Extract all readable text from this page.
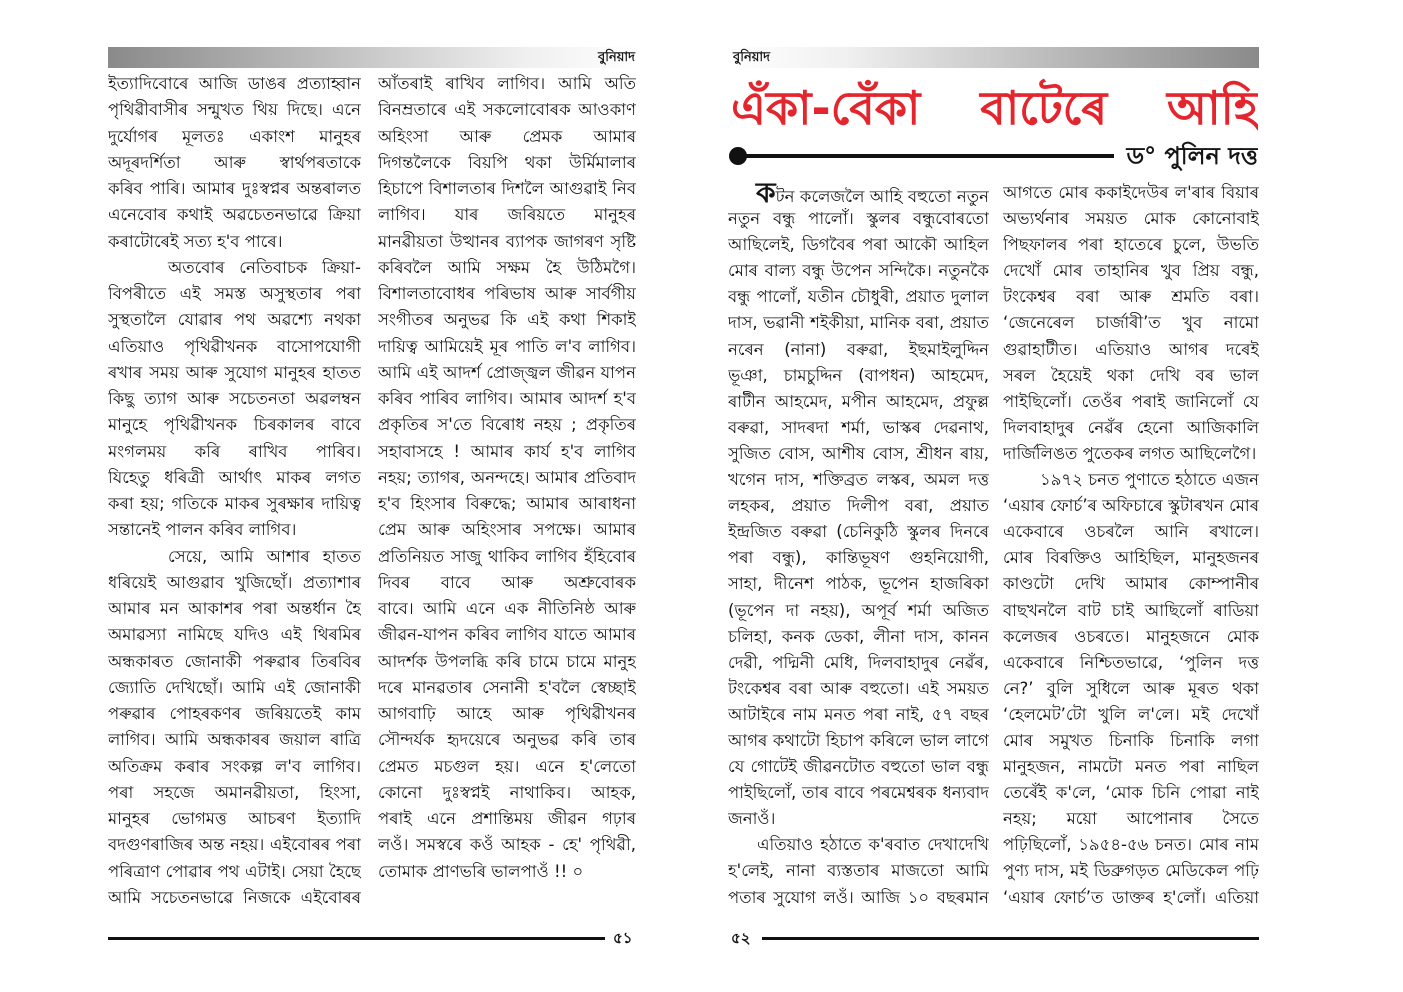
বুনিয়াদ
ইত্যাদিবোৰে আজি ডাঙৰ প্ৰত্যাহ্বান
পৃথিৱীবাসীৰ সন্মুখত থিয় দিছে। এনে
দুৰ্যোগৰ মূলতঃ একাংশ মানুহৰ
অদূৰদৰ্শিতা আৰু স্বাৰ্থপৰতাকে
কৰিব পাৰি। আমাৰ দুঃস্বপ্নৰ অন্তৰালত
এনেবোৰ কথাই অৱচেতনভাৱে ক্ৰিয়া
কৰাটোৰেই সত্য হ'ব পাৰে।
অতবোৰ নেতিবাচক ক্ৰিয়া-
বিপৰীতে এই সমস্ত অসুস্থতাৰ পৰা
সুস্থতালৈ যোৱাৰ পথ অৱশ্যে নথকা
এতিয়াও পৃথিৱীখনক বাসোপযোগী
ৰখাৰ সময় আৰু সুযোগ মানুহৰ হাতত
কিছু ত্যাগ আৰু সচেতনতা অৱলম্বন
মানুহে পৃথিৱীখনক চিৰকালৰ বাবে
মংগলময় কৰি ৰাখিব পাৰিব।
যিহেতু ধৰিত্ৰী আৰ্থাৎ মাকৰ লগত
কৰা হয়; গতিকে মাকৰ সুৰক্ষাৰ দায়িত্ব
সন্তানেই পালন কৰিব লাগিব।
সেয়ে, আমি আশাৰ হাতত
ধৰিয়েই আগুৱাব খুজিছোঁ। প্ৰত্যাশাৰ
আমাৰ মন আকাশৰ পৰা অন্তৰ্ধান হৈ
অমাৱস্যা নামিছে যদিও এই থিৰমিৰ
অন্ধকাৰত জোনাকী পৰুৱাৰ তিৰবিৰ
জ্যোতি দেখিছোঁ। আমি এই জোনাকী
পৰুৱাৰ পোহৰকণৰ জৰিয়তেই কাম
লাগিব। আমি অন্ধকাৰৰ জয়াল ৰাত্ৰি
অতিক্ৰম কৰাৰ সংকল্প ল'ব লাগিব।
পৰা সহজে অমানৱীয়তা, হিংসা,
মানুহৰ ভোগমত্ত আচৰণ ইত্যাদি
বদগুণৰাজিৰ অন্ত নহয়। এইবোৰৰ পৰা
পৰিত্ৰাণ পোৱাৰ পথ এটাই। সেয়া হৈছে
আমি সচেতনভাৱে নিজকে এইবোৰৰ
আঁতৰাই ৰাখিব লাগিব। আমি অতি
বিনম্ৰতাৰে এই সকলোবোৰক আওকাণ
অহিংসা আৰু প্ৰেমক আমাৰ
দিগন্তলৈকে বিয়পি থকা উৰ্মিমালাৰ
হিচাপে বিশালতাৰ দিশলৈ আগুৱাই নিব
লাগিব। যাৰ জৰিয়তে মানুহৰ
মানৱীয়তা উত্থানৰ ব্যাপক জাগৰণ সৃষ্টি
কৰিবলৈ আমি সক্ষম হৈ উঠিমগৈ।
বিশালতাবোধৰ পৰিভাষ আৰু সাৰ্বগীয়
সংগীতৰ অনুভৱ কি এই কথা শিকাই
দায়িত্ব আমিয়েই মূৰ পাতি ল'ব লাগিব।
আমি এই আদৰ্শ প্ৰোজ্জ্বল জীৱন যাপন
কৰিব পাৰিব লাগিব। আমাৰ আদৰ্শ হ'ব
প্ৰকৃতিৰ স'তে বিৰোধ নহয় ; প্ৰকৃতিৰ
সহাবাসহে ! আমাৰ কাৰ্য হ'ব লাগিব
নহয়; ত্যাগৰ, অনন্দহে। আমাৰ প্ৰতিবাদ
হ'ব হিংসাৰ বিৰুদ্ধে; আমাৰ আৰাধনা
প্ৰেম আৰু অহিংসাৰ সপক্ষে। আমাৰ
প্ৰতিনিয়ত সাজু থাকিব লাগিব হঁহিবোৰ
দিবৰ বাবে আৰু অশ্ৰুবোৰক
বাবে। আমি এনে এক নীতিনিষ্ঠ আৰু
জীৱন-যাপন কৰিব লাগিব যাতে আমাৰ
আদৰ্শক উপলব্ধি কৰি চামে চামে মানুহ
দৰে মানৱতাৰ সেনানী হ'বলৈ স্বেচ্ছাই
আগবাঢ়ি আহে আৰু পৃথিৱীখনৰ
সৌন্দৰ্যক হৃদয়েৰে অনুভৱ কৰি তাৰ
প্ৰেমত মচগুল হয়। এনে হ'লেতো
কোনো দুঃস্বপ্নই নাথাকিব। আহক,
পৰাই এনে প্ৰশান্তিময় জীৱন গঢ়াৰ
লওঁ। সমস্বৰে কওঁ আহক - হে' পৃথিৱী,
তোমাক প্ৰাণভৰি ভালপাওঁ !! ০
৫১
বুনিয়াদ
এঁকা-বেঁকা বাটেৰে আহি
ড° পুলিন দত্ত
কটন কলেজলৈ আহি বহুতো নতুন
নতুন বন্ধু পালোঁ। স্কুলৰ বন্ধুবোৰতো
আছিলেই, ডিগবৈৰ পৰা আকৌ আহিল
মোৰ বাল্য বন্ধু উপেন সন্দিকৈ। নতুনকৈ
বন্ধু পালোঁ, যতীন চৌধুৰী, প্ৰয়াত দুলাল
দাস, ভৱানী শইকীয়া, মানিক বৰা, প্ৰয়াত
নৰেন (নানা) বৰুৱা, ইছমাইলুদ্দিন
ভূঞা, চামচুদ্দিন (বাপধন) আহমেদ,
ৰাটীন আহমেদ, মপীন আহমেদ, প্ৰফুল্ল
বৰুৱা, সাদৰদা শৰ্মা, ভাস্কৰ দেৱনাথ,
সুজিত বোস, আশীষ বোস, শ্ৰীধন ৰায়,
খগেন দাস, শক্তিব্ৰত লস্কৰ, অমল দত্ত
লহকৰ, প্ৰয়াত দিলীপ বৰা, প্ৰয়াত
ইন্দ্ৰজিত বৰুৱা (চেনিকুঠি স্কুলৰ দিনৰে
পৰা বন্ধু), কান্তিভূষণ গুহনিয়োগী,
সাহা, দীনেশ পাঠক, ভূপেন হাজৰিকা
(ভূপেন দা নহয়), অপূৰ্ব শৰ্মা অজিত
চলিহা, কনক ডেকা, লীনা দাস, কানন
দেৱী, পদ্মিনী মেধি, দিলবাহাদুৰ নেৱঁৰ,
টংকেশ্বৰ বৰা আৰু বহুতো। এই সময়ত
আটাইৰে নাম মনত পৰা নাই, ৫৭ বছৰ
আগৰ কথাটো হিচাপ কৰিলে ভাল লাগে
যে গোটেই জীৱনটোত বহুতো ভাল বন্ধু
পাইছিলোঁ, তাৰ বাবে পৰমেশ্বৰক ধন্যবাদ
জনাওঁ।
এতিয়াও হঠাতে ক'ৰবাত দেখাদেখি
হ'লেই, নানা ব্যস্ততাৰ মাজতো আমি
পতাৰ সুযোগ লওঁ। আজি ১০ বছৰমান
আগতে মোৰ ককাইদেউৰ ল'ৰাৰ বিয়াৰ
অভ্যৰ্থনাৰ সময়ত মোক কোনোবাই
পিছফালৰ পৰা হাতেৰে চুলে, উভতি
দেখোঁ মোৰ তাহানিৰ খুব প্ৰিয় বন্ধু,
টংকেশ্বৰ বৰা আৰু শ্ৰমতি বৰা।
‘জেনেৰেল চাৰ্জাৰী’ত খুব নামো
গুৱাহাটীত। এতিয়াও আগৰ দৰেই
সৰল হৈয়েই থকা দেখি বৰ ভাল
পাইছিলোঁ। তেওঁৰ পৰাই জানিলোঁ যে
দিলবাহাদুৰ নেৱঁৰ হেনো আজিকালি
দাৰ্জিলিঙত পুতেকৰ লগত আছিলেগৈ।
১৯৭২ চনত পুণাতে হঠাতে এজন
‘এয়াৰ ফোৰ্চ’ৰ অফিচাৰে স্কুটাৰখন মোৰ
একেবাৰে ওচৰলৈ আনি ৰখালে।
মোৰ বিৰক্তিও আহিছিল, মানুহজনৰ
কাণ্ডটো দেখি আমাৰ কোম্পানীৰ
বাছখনলৈ বাট চাই আছিলোঁ ৰাডিয়া
কলেজৰ ওচৰতে। মানুহজনে মোক
একেবাৰে নিশ্চিতভাৱে, ‘পুলিন দত্ত
নে?’ বুলি সুধিলে আৰু মূৰত থকা
‘হেলমেট’টো খুলি ল'লে। মই দেখোঁ
মোৰ সমুখত চিনাকি চিনাকি লগা
মানুহজন, নামটো মনত পৰা নাছিল
তেৰেঁই ক'লে, ‘মোক চিনি পোৱা নাই
নহয়; ময়ো আপোনাৰ সৈতে
পঢ়িছিলোঁ, ১৯৫৪-৫৬ চনত। মোৰ নাম
পুণ্য দাস, মই ডিব্ৰুগড়ত মেডিকেল পঢ়ি
‘এয়াৰ ফোৰ্চ’ত ডাক্তৰ হ'লোঁ। এতিয়া
৫২
